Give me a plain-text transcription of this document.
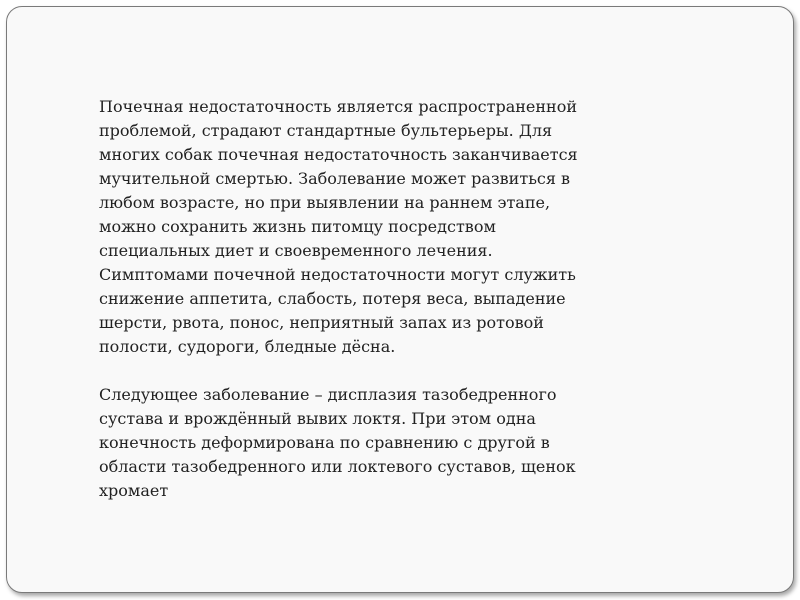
Почечная недостаточность является распространенной проблемой, страдают стандартные бультерьеры. Для многих собак почечная недостаточность заканчивается мучительной смертью. Заболевание может развиться в любом возрасте, но при выявлении на раннем этапе, можно сохранить жизнь питомцу посредством специальных диет и своевременного лечения. Симптомами почечной недостаточности могут служить снижение аппетита, слабость, потеря веса, выпадение шерсти, рвота, понос, неприятный запах из ротовой полости, судороги, бледные дёсна.

Следующее заболевание – дисплазия тазобедренного сустава и врождённый вывих локтя. При этом одна конечность деформирована по сравнению с другой в области тазобедренного или локтевого суставов, щенок хромает
